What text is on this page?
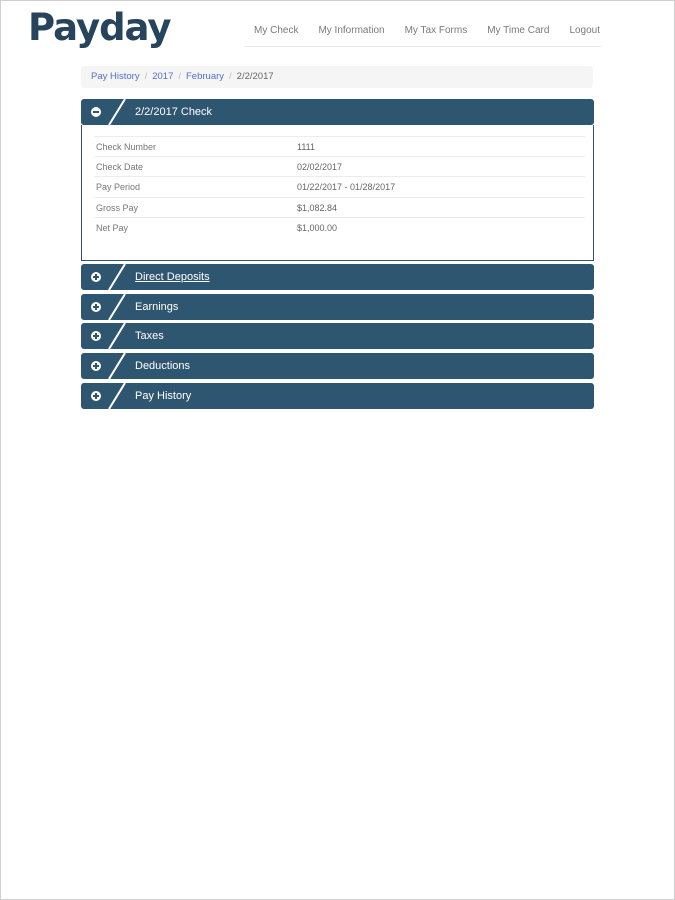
Payday	My Check My Information My Tax Forms My Time Card Logout
Pay History / 2017 / February / 2/2/2017
2/2/2017 Check
Check Number	1111
Check Date	02/02/2017
Pay Period	01/22/2017 - 01/28/2017
Gross Pay	$1,082.84
Net Pay	$1,000.00
Direct Deposits
Earnings
Taxes
Deductions
Pay History
